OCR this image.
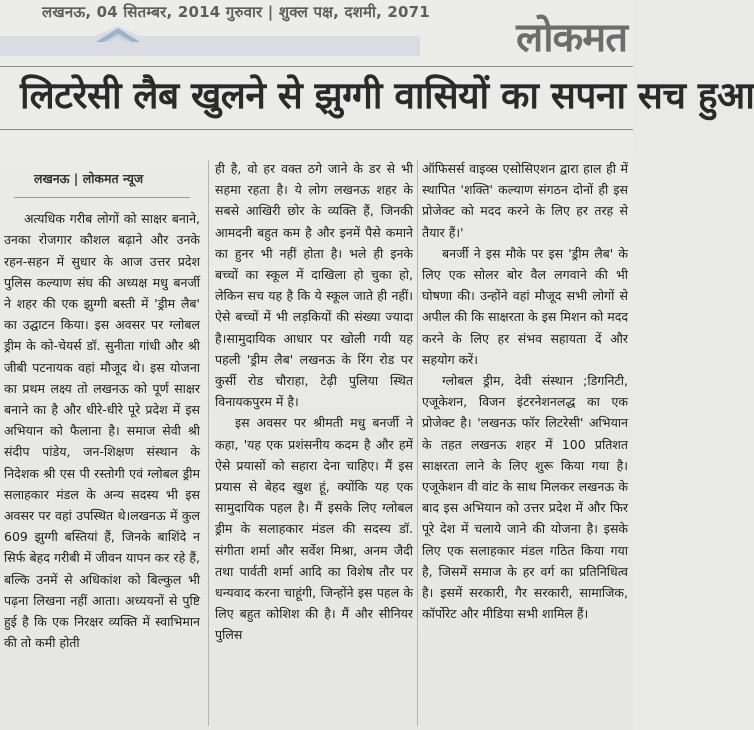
लखनऊ, 04 सितम्बर, 2014 गुरुवार | शुक्ल पक्ष, दशमी, 2071
लोकमत
लिटरेसी लैब खुलने से झुग्गी वासियों का सपना सच हुआ
लखनऊ | लोकमत न्यूज

अत्यधिक गरीब लोगों को साक्षर बनाने, उनका रोजगार कौशल बढ़ाने और उनके रहन-सहन में सुधार के आज उत्तर प्रदेश पुलिस कल्याण संघ की अध्यक्ष मधु बनर्जी ने शहर की एक झुग्गी बस्ती में 'ड्रीम लैब' का उद्घाटन किया। इस अवसर पर ग्लोबल ड्रीम के को-चेयर्स डॉ. सुनीता गांधी और श्री जीबी पटनायक वहां मौजूद थे। इस योजना का प्रथम लक्ष्य तो लखनऊ को पूर्ण साक्षर बनाने का है और धीरे-धीरे पूरे प्रदेश में इस अभियान को फैलाना है। समाज सेवी श्री संदीप पांडेय, जन-शिक्षण संस्थान के निदेशक श्री एस पी रस्तोगी एवं ग्लोबल ड्रीम सलाहकार मंडल के अन्य सदस्य भी इस अवसर पर वहां उपस्थित थे।लखनऊ में कुल 609 झुग्गी बस्तियां हैं, जिनके बाशिंदे न सिर्फ बेहद गरीबी में जीवन यापन कर रहे हैं, बल्कि उनमें से अधिकांश को बिल्कुल भी पढ़ना लिखना नहीं आता। अध्ययनों से पुष्टि हुई है कि एक निरक्षर व्यक्ति में स्वाभिमान की तो कमी होती

ही है, वो हर वक्त ठगे जाने के डर से भी सहमा रहता है। ये लोग लखनऊ शहर के सबसे आखिरी छोर के व्यक्ति हैं, जिनकी आमदनी बहुत कम है और इनमें पैसे कमाने का हुनर भी नहीं होता है। भले ही इनके बच्चों का स्कूल में दाखिला हो चुका हो, लेकिन सच यह है कि ये स्कूल जाते ही नहीं। ऐसे बच्चों में भी लड़कियों की संख्या ज्यादा है।सामुदायिक आधार पर खोली गयी यह पहली 'ड्रीम लैब' लखनऊ के रिंग रोड पर कुर्सी रोड चौराहा, टेढ़ी पुलिया स्थित विनायकपुरम में है।

इस अवसर पर श्रीमती मधु बनर्जी ने कहा, 'यह एक प्रशंसनीय कदम है और हमें ऐसे प्रयासों को सहारा देना चाहिए। मैं इस प्रयास से बेहद खुश हूं, क्योंकि यह एक सामुदायिक पहल है। मैं इसके लिए ग्लोबल ड्रीम के सलाहकार मंडल की सदस्य डॉ. संगीता शर्मा और सर्वेश मिश्रा, अनम जैदी तथा पार्वती शर्मा आदि का विशेष तौर पर धन्यवाद करना चाहूंगी, जिन्होंने इस पहल के लिए बहुत कोशिश की है। मैं और सीनियर पुलिस

ऑफिसर्स वाइव्स एसोसिएशन द्वारा हाल ही में स्थापित 'शक्ति' कल्याण संगठन दोनों ही इस प्रोजेक्ट को मदद करने के लिए हर तरह से तैयार हैं।'

बनर्जी ने इस मौके पर इस 'ड्रीम लैब' के लिए एक सोलर बोर वैल लगवाने की भी घोषणा की। उन्होंने वहां मौजूद सभी लोगों से अपील की कि साक्षरता के इस मिशन को मदद करने के लिए हर संभव सहायता दें और सहयोग करें।

ग्लोबल ड्रीम, देवी संस्थान ;डिगनिटी, एजूकेशन, विजन इंटरनेशनलद्ध का एक प्रोजेक्ट है। 'लखनऊ फॉर लिटरेसी' अभियान के तहत लखनऊ शहर में 100 प्रतिशत साक्षरता लाने के लिए शुरू किया गया है। एजूकेशन वी वांट के साथ मिलकर लखनऊ के बाद इस अभियान को उत्तर प्रदेश में और फिर पूरे देश में चलाये जाने की योजना है। इसके लिए एक सलाहकार मंडल गठित किया गया है, जिसमें समाज के हर वर्ग का प्रतिनिधित्व है। इसमें सरकारी, गैर सरकारी, सामाजिक, कॉर्पोरेट और मीडिया सभी शामिल हैं।
